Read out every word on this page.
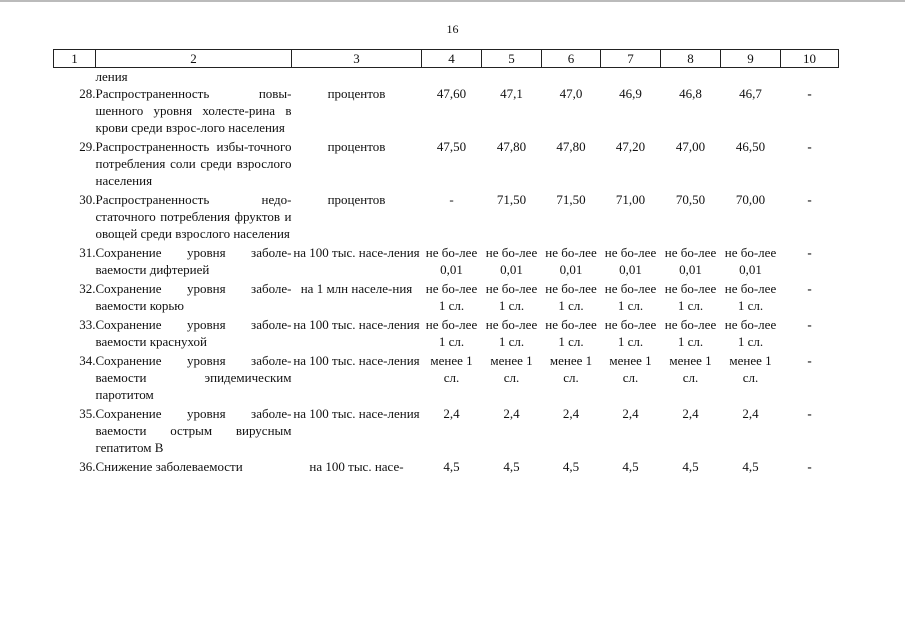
16
1	2	3	4	5	6	7	8	9	10
	ления								
28.	Распространенность повы-шенного уровня холесте-рина в крови среди взрос-лого населения	процентов	47,60	47,1	47,0	46,9	46,8	46,7	-
29.	Распространенность избы-точного потребления соли среди взрослого населения	процентов	47,50	47,80	47,80	47,20	47,00	46,50	-
30.	Распространенность недо-статочного потребления фруктов и овощей среди взрослого населения	процентов	-	71,50	71,50	71,00	70,50	70,00	-
31.	Сохранение уровня заболе-ваемости дифтерией	на 100 тыс. насе-ления	не бо-лее 0,01	не бо-лее 0,01	не бо-лее 0,01	не бо-лее 0,01	не бо-лее 0,01	не бо-лее 0,01	-
32.	Сохранение уровня заболе-ваемости корью	на 1 млн населе-ния	не бо-лее 1 сл.	не бо-лее 1 сл.	не бо-лее 1 сл.	не бо-лее 1 сл.	не бо-лее 1 сл.	не бо-лее 1 сл.	-
33.	Сохранение уровня заболе-ваемости краснухой	на 100 тыс. насе-ления	не бо-лее 1 сл.	не бо-лее 1 сл.	не бо-лее 1 сл.	не бо-лее 1 сл.	не бо-лее 1 сл.	не бо-лее 1 сл.	-
34.	Сохранение уровня заболе-ваемости эпидемическим паротитом	на 100 тыс. насе-ления	менее 1 сл.	менее 1 сл.	менее 1 сл.	менее 1 сл.	менее 1 сл.	менее 1 сл.	-
35.	Сохранение уровня заболе-ваемости острым вирусным гепатитом B	на 100 тыс. насе-ления	2,4	2,4	2,4	2,4	2,4	2,4	-
36.	Снижение заболеваемости	на 100 тыс. насе-	4,5	4,5	4,5	4,5	4,5	4,5	-
